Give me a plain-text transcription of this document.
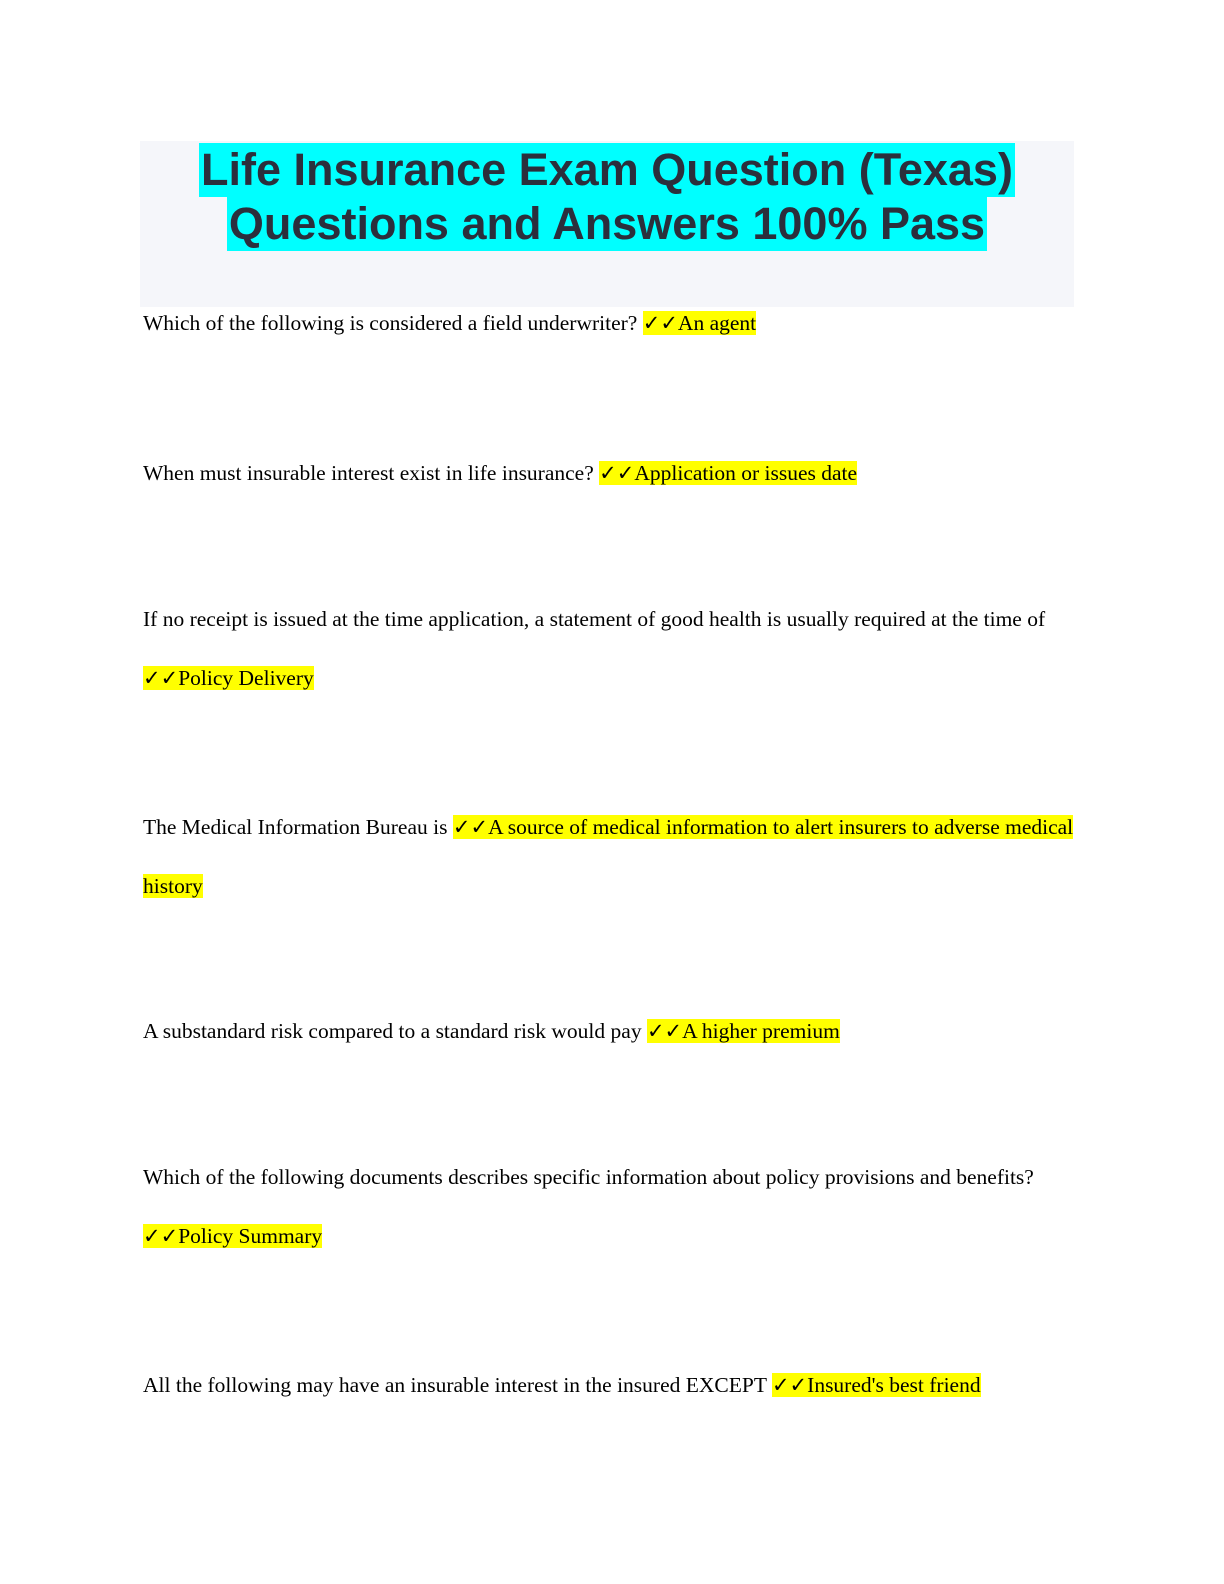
Life Insurance Exam Question (Texas)
Questions and Answers 100% Pass

Which of the following is considered a field underwriter? ✓✓An agent

When must insurable interest exist in life insurance? ✓✓Application or issues date

If no receipt is issued at the time application, a statement of good health is usually required at the time of ✓✓Policy Delivery

The Medical Information Bureau is ✓✓A source of medical information to alert insurers to adverse medical history

A substandard risk compared to a standard risk would pay ✓✓A higher premium

Which of the following documents describes specific information about policy provisions and benefits? ✓✓Policy Summary

All the following may have an insurable interest in the insured EXCEPT ✓✓Insured's best friend
